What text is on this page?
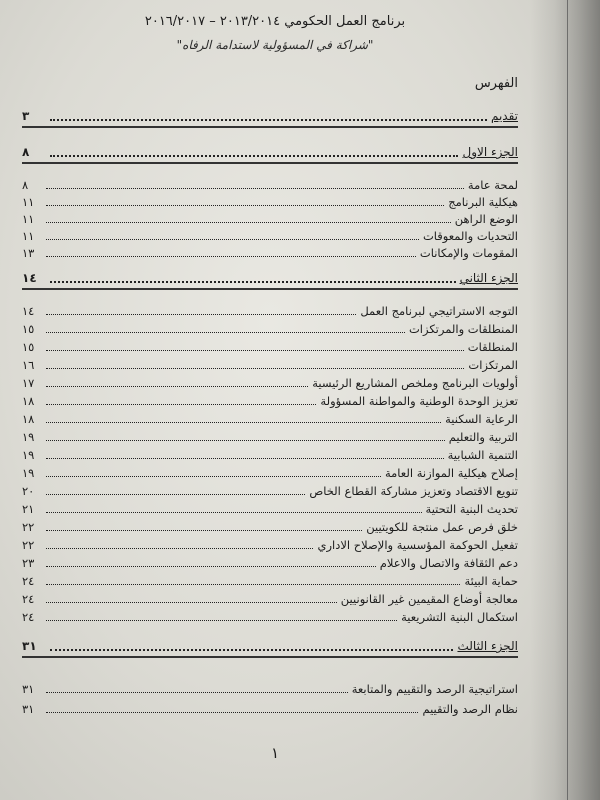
برنامج العمل الحكومي ٢٠١٣/٢٠١٤ – ٢٠١٦/٢٠١٧
"شراكة في المسؤولية لاستدامة الرفاه"
الفهرس
تقديم
٣
الجزء الاول
٨
لمحة عامة
٨
هيكلية البرنامج
١١
الوضع الراهن
١١
التحديات والمعوقات
١١
المقومات والإمكانات
١٣
الجزء الثاني
١٤
التوجه الاستراتيجي لبرنامج العمل
١٤
المنطلقات والمرتكزات
١٥
المنطلقات
١٥
المرتكزات
١٦
أولويات البرنامج وملخص المشاريع الرئيسية
١٧
تعزيز الوحدة الوطنية والمواطنة المسؤولة
١٨
الرعاية السكنية
١٨
التربية والتعليم
١٩
التنمية الشبابية
١٩
إصلاح هيكلية الموازنة العامة
١٩
تنويع الاقتصاد وتعزيز مشاركة القطاع الخاص
٢٠
تحديث البنية التحتية
٢١
خلق فرص عمل منتجة للكويتيين
٢٢
تفعيل الحوكمة المؤسسية والإصلاح الاداري
٢٢
دعم الثقافة والاتصال والاعلام
٢٣
حماية البيئة
٢٤
معالجة أوضاع المقيمين غير القانونيين
٢٤
استكمال البنية التشريعية
٢٤
الجزء الثالث
٣١
استراتيجية الرصد والتقييم والمتابعة
٣١
نظام الرصد والتقييم
٣١
١
